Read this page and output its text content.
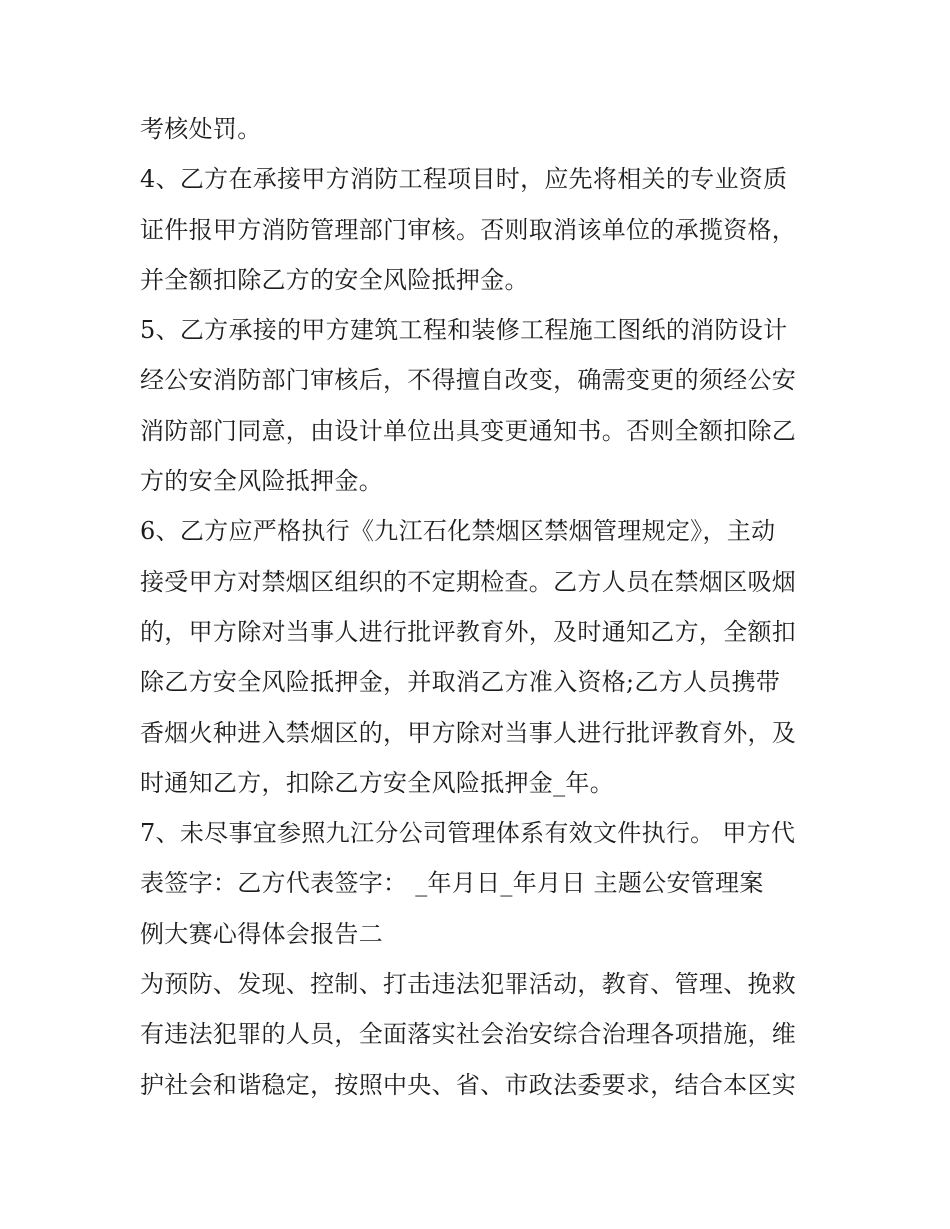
考核处罚。
4、乙方在承接甲方消防工程项目时，应先将相关的专业资质
证件报甲方消防管理部门审核。否则取消该单位的承揽资格，
并全额扣除乙方的安全风险抵押金。
5、乙方承接的甲方建筑工程和装修工程施工图纸的消防设计
经公安消防部门审核后，不得擅自改变，确需变更的须经公安
消防部门同意，由设计单位出具变更通知书。否则全额扣除乙
方的安全风险抵押金。
6、乙方应严格执行《九江石化禁烟区禁烟管理规定》，主动
接受甲方对禁烟区组织的不定期检查。乙方人员在禁烟区吸烟
的，甲方除对当事人进行批评教育外，及时通知乙方，全额扣
除乙方安全风险抵押金，并取消乙方准入资格;乙方人员携带
香烟火种进入禁烟区的，甲方除对当事人进行批评教育外，及
时通知乙方，扣除乙方安全风险抵押金_年。
7、未尽事宜参照九江分公司管理体系有效文件执行。 甲方代
表签字：乙方代表签字： _年月日_年月日 主题公安管理案
例大赛心得体会报告二
为预防、发现、控制、打击违法犯罪活动，教育、管理、挽救
有违法犯罪的人员，全面落实社会治安综合治理各项措施，维
护社会和谐稳定，按照中央、省、市政法委要求，结合本区实
